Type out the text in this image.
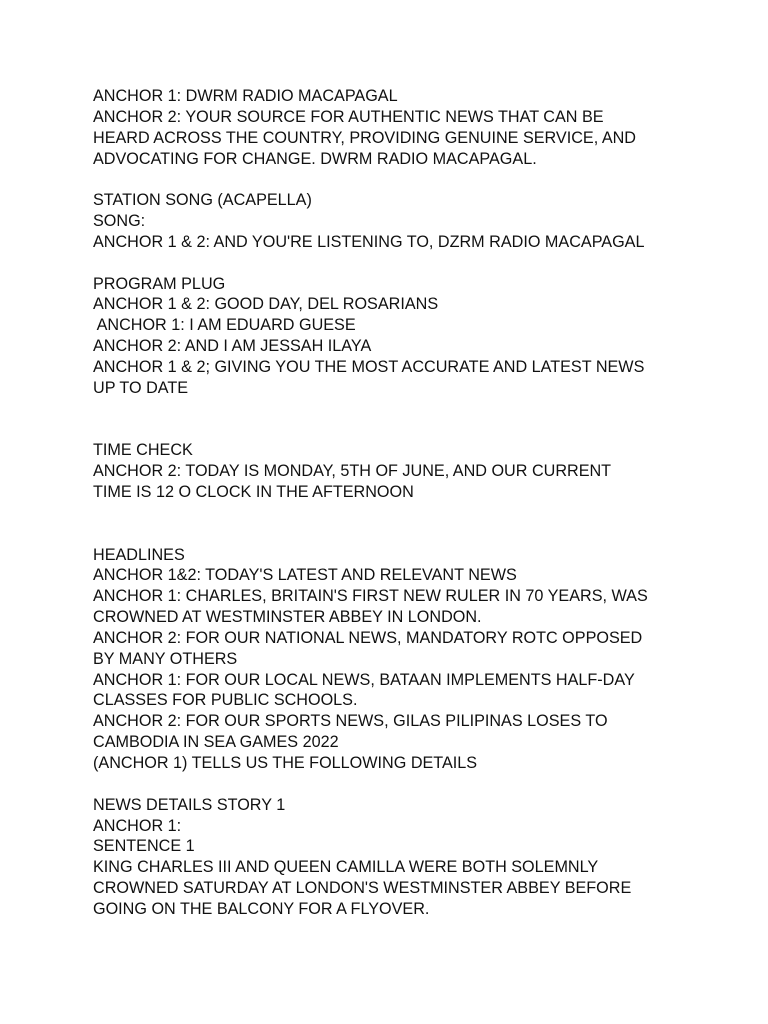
ANCHOR 1: DWRM RADIO MACAPAGAL
ANCHOR 2: YOUR SOURCE FOR AUTHENTIC NEWS THAT CAN BE
HEARD ACROSS THE COUNTRY, PROVIDING GENUINE SERVICE, AND
ADVOCATING FOR CHANGE. DWRM RADIO MACAPAGAL.
STATION SONG (ACAPELLA)
SONG:
ANCHOR 1 & 2: AND YOU'RE LISTENING TO, DZRM RADIO MACAPAGAL
PROGRAM PLUG
ANCHOR 1 & 2: GOOD DAY, DEL ROSARIANS
ANCHOR 1: I AM EDUARD GUESE
ANCHOR 2: AND I AM JESSAH ILAYA
ANCHOR 1 & 2; GIVING YOU THE MOST ACCURATE AND LATEST NEWS
UP TO DATE
TIME CHECK
ANCHOR 2: TODAY IS MONDAY, 5TH OF JUNE, AND OUR CURRENT
TIME IS 12 O CLOCK IN THE AFTERNOON
HEADLINES
ANCHOR 1&2: TODAY'S LATEST AND RELEVANT NEWS
ANCHOR 1: CHARLES, BRITAIN'S FIRST NEW RULER IN 70 YEARS, WAS
CROWNED AT WESTMINSTER ABBEY IN LONDON.
ANCHOR 2: FOR OUR NATIONAL NEWS, MANDATORY ROTC OPPOSED
BY MANY OTHERS
ANCHOR 1: FOR OUR LOCAL NEWS, BATAAN IMPLEMENTS HALF-DAY
CLASSES FOR PUBLIC SCHOOLS.
ANCHOR 2: FOR OUR SPORTS NEWS, GILAS PILIPINAS LOSES TO
CAMBODIA IN SEA GAMES 2022
(ANCHOR 1) TELLS US THE FOLLOWING DETAILS
NEWS DETAILS STORY 1
ANCHOR 1:
SENTENCE 1
KING CHARLES III AND QUEEN CAMILLA WERE BOTH SOLEMNLY
CROWNED SATURDAY AT LONDON'S WESTMINSTER ABBEY BEFORE
GOING ON THE BALCONY FOR A FLYOVER.
